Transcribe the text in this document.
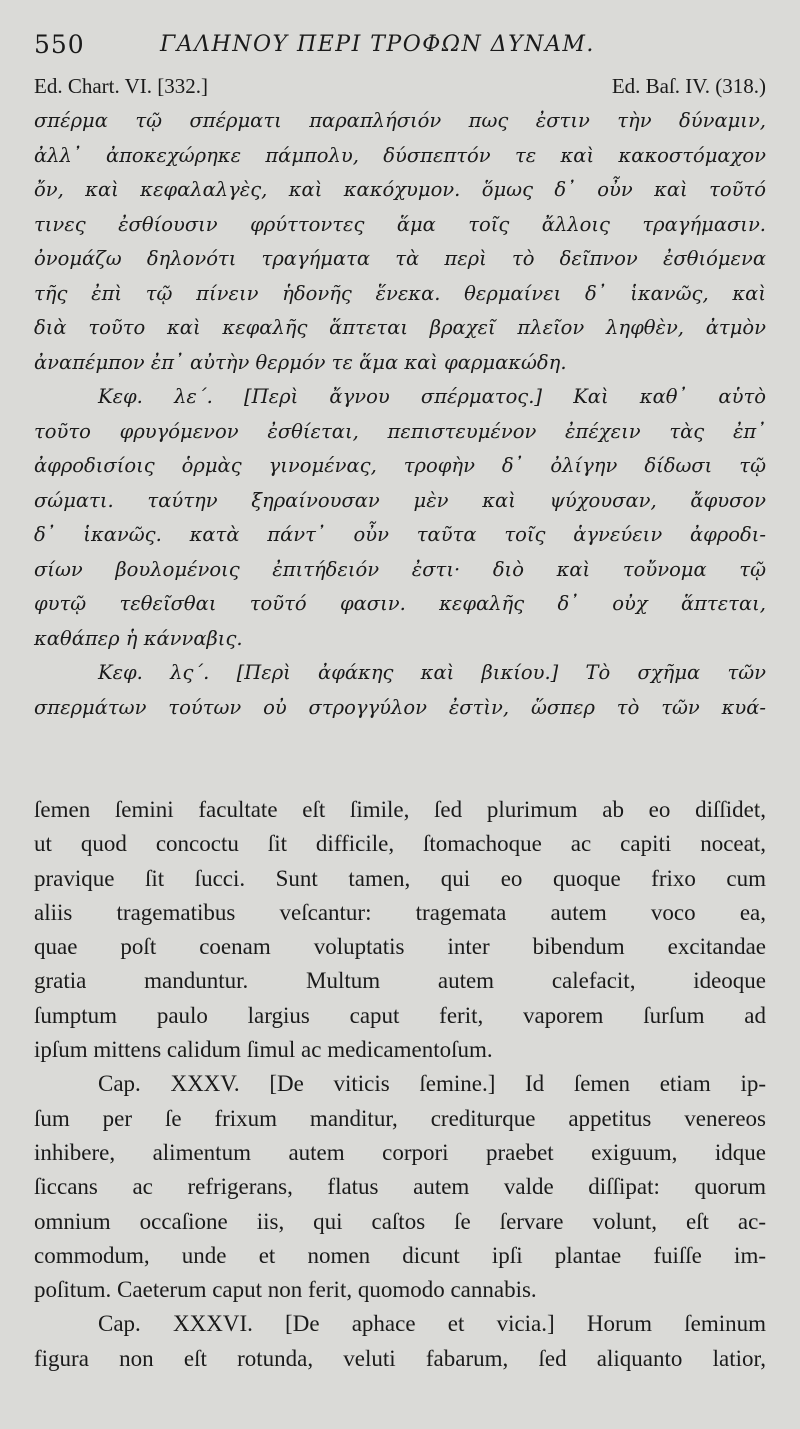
550	ΓΑΛΗΝΟΥ ΠΕΡΙ ΤΡΟΦΩΝ ΔΥΝΑΜ.
Ed. Chart. VI. [332.]	Ed. Baſ. IV. (318.)
σπέρμα τῷ σπέρματι παραπλήσιόν πως ἐστιν τὴν δύναμιν,
ἀλλ᾽ ἀποκεχώρηκε πάμπολυ, δύσπεπτόν τε καὶ κακοστόμαχον
ὄν, καὶ κεφαλαλγὲς, καὶ κακόχυμον. ὅμως δ᾽ οὖν καὶ τοῦτό
τινες ἐσθίουσιν φρύττοντες ἅμα τοῖς ἄλλοις τραγήμασιν.
ὀνομάζω δηλονότι τραγήματα τὰ περὶ τὸ δεῖπνον ἐσθιόμενα
τῆς ἐπὶ τῷ πίνειν ἡδονῆς ἕνεκα. θερμαίνει δ᾽ ἱκανῶς, καὶ
διὰ τοῦτο καὶ κεφαλῆς ἅπτεται βραχεῖ πλεῖον ληφθὲν, ἀτμὸν
ἀναπέμπον ἐπ᾽ αὐτὴν θερμόν τε ἅμα καὶ φαρμακώδη.
Κεφ. λε΄. [Περὶ ἄγνου σπέρματος.] Καὶ καθ᾽ αὑτὸ
τοῦτο φρυγόμενον ἐσθίεται, πεπιστευμένον ἐπέχειν τὰς ἐπ᾽
ἀφροδισίοις ὁρμὰς γινομένας, τροφὴν δ᾽ ὀλίγην δίδωσι τῷ
σώματι. ταύτην ξηραίνουσαν μὲν καὶ ψύχουσαν, ἄφυσον
δ᾽ ἱκανῶς. κατὰ πάντ᾽ οὖν ταῦτα τοῖς ἁγνεύειν ἀφροδι-
σίων βουλομένοις ἐπιτήδειόν ἐστι· διὸ καὶ τοὔνομα τῷ
φυτῷ τεθεῖσθαι τοῦτό φασιν. κεφαλῆς δ᾽ οὐχ ἅπτεται,
καθάπερ ἡ κάνναβις.
Κεφ. λς΄. [Περὶ ἀφάκης καὶ βικίου.] Τὸ σχῆμα τῶν
σπερμάτων τούτων οὐ στρογγύλον ἐστὶν, ὥσπερ τὸ τῶν κυά-
ſemen ſemini facultate eſt ſimile, ſed plurimum ab eo diſſidet,
ut quod concoctu ſit difficile, ſtomachoque ac capiti noceat,
pravique ſit ſucci. Sunt tamen, qui eo quoque frixo cum
aliis tragematibus veſcantur: tragemata autem voco ea,
quae poſt coenam voluptatis inter bibendum excitandae
gratia manduntur. Multum autem calefacit, ideoque
ſumptum paulo largius caput ferit, vaporem ſurſum ad
ipſum mittens calidum ſimul ac medicamentoſum.
Cap. XXXV. [De viticis ſemine.] Id ſemen etiam ip-
ſum per ſe frixum manditur, crediturque appetitus venereos
inhibere, alimentum autem corpori praebet exiguum, idque
ſiccans ac refrigerans, flatus autem valde diſſipat: quorum
omnium occaſione iis, qui caſtos ſe ſervare volunt, eſt ac-
commodum, unde et nomen dicunt ipſi plantae fuiſſe im-
poſitum. Caeterum caput non ferit, quomodo cannabis.
Cap. XXXVI. [De aphace et vicia.] Horum ſeminum
figura non eſt rotunda, veluti fabarum, ſed aliquanto latior,
